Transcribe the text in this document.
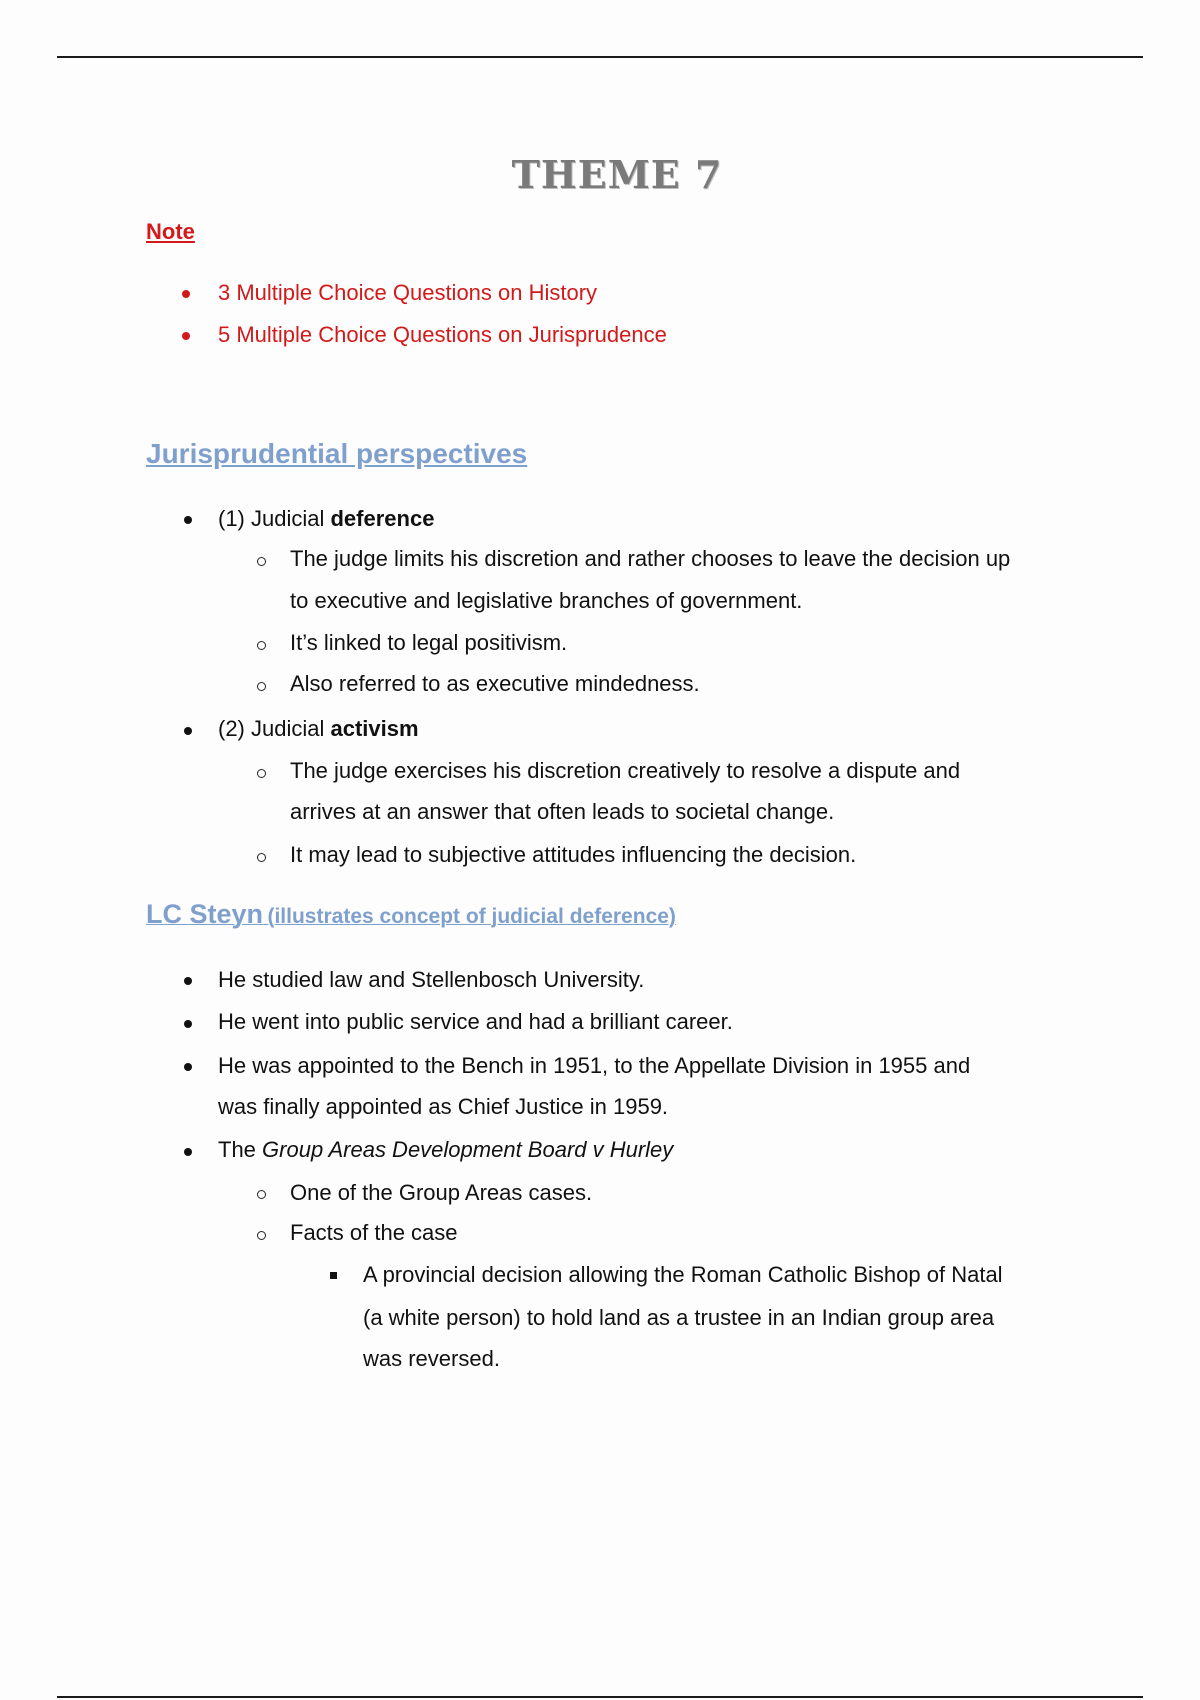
THEME 7
Note
3 Multiple Choice Questions on History
5 Multiple Choice Questions on Jurisprudence
Jurisprudential perspectives
(1) Judicial deference
The judge limits his discretion and rather chooses to leave the decision up
to executive and legislative branches of government.
It’s linked to legal positivism.
Also referred to as executive mindedness.
(2) Judicial activism
The judge exercises his discretion creatively to resolve a dispute and
arrives at an answer that often leads to societal change.
It may lead to subjective attitudes influencing the decision.
LC Steyn (illustrates concept of judicial deference)
He studied law and Stellenbosch University.
He went into public service and had a brilliant career.
He was appointed to the Bench in 1951, to the Appellate Division in 1955 and
was finally appointed as Chief Justice in 1959.
The Group Areas Development Board v Hurley
One of the Group Areas cases.
Facts of the case
A provincial decision allowing the Roman Catholic Bishop of Natal
(a white person) to hold land as a trustee in an Indian group area
was reversed.
